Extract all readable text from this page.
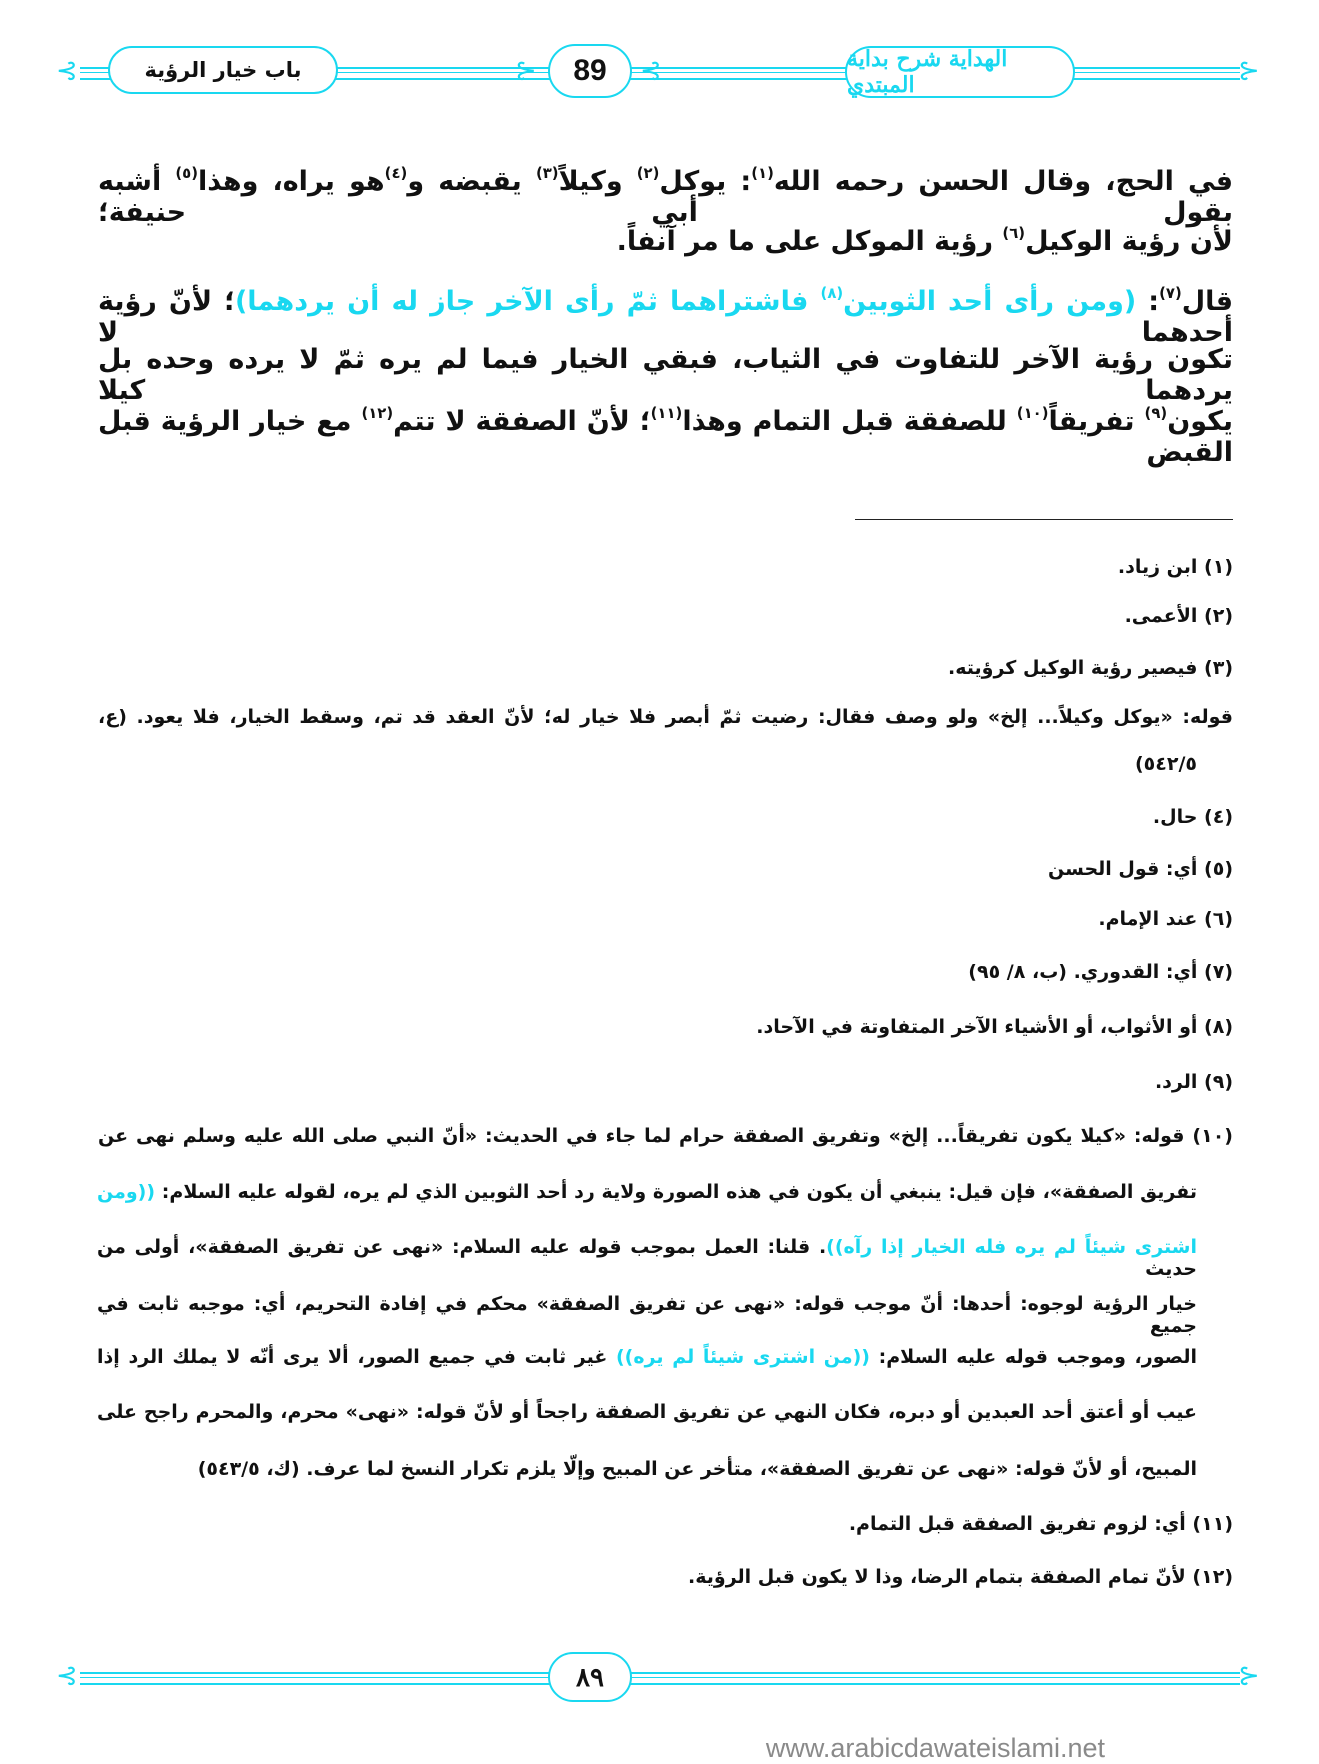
⊰	⊱
باب خيار الرؤية	⊱ 89 ⊰	الهداية شرح بداية المبتدي
في الحج، وقال الحسن رحمه الله( $^١$ ): يوكل( $^٢$ ) وكيلاً( $^٣$ ) يقبضه و( $^٤$ )هو يراه، وهذا( $^٥$ ) أشبه بقول أبي حنيفة؛
لأن رؤية الوكيل( $^٦$ ) رؤية الموكل على ما مر آنفاً.
قال( $^٧$ ): (ومن رأى أحد الثوبين( $^٨$ ) فاشتراهما ثمّ رأى الآخر جاز له أن يردهما)؛ لأنّ رؤية أحدهما لا
تكون رؤية الآخر للتفاوت في الثياب، فبقي الخيار فيما لم يره ثمّ لا يرده وحده بل يردهما كيلا
يكون( $^٩$ ) تفريقاً( $^{١٠}$ ) للصفقة قبل التمام وهذا( $^{١١}$ )؛ لأنّ الصفقة لا تتم( $^{١٢}$ ) مع خيار الرؤية قبل القبض
(١) ابن زياد.
(٢) الأعمى.
(٣) فيصير رؤية الوكيل كرؤيته.
قوله: «يوكل وكيلاً... إلخ» ولو وصف فقال: رضيت ثمّ أبصر فلا خيار له؛ لأنّ العقد قد تم، وسقط الخيار، فلا يعود. (ع،
٥٤٢/٥)
(٤) حال.
(٥) أي: قول الحسن
(٦) عند الإمام.
(٧) أي: القدوري. (ب، ٨/ ٩٥)
(٨) أو الأثواب، أو الأشياء الآخر المتفاوتة في الآحاد.
(٩) الرد.
(١٠) قوله: «كيلا يكون تفريقاً... إلخ» وتفريق الصفقة حرام لما جاء في الحديث: «أنّ النبي صلى الله عليه وسلم نهى عن
تفريق الصفقة»، فإن قيل: ينبغي أن يكون في هذه الصورة ولاية رد أحد الثوبين الذي لم يره، لقوله عليه السلام: ((ومن
اشترى شيئاً لم يره فله الخيار إذا رآه)). قلنا: العمل بموجب قوله عليه السلام: «نهى عن تفريق الصفقة»، أولى من حديث
خيار الرؤية لوجوه: أحدها: أنّ موجب قوله: «نهى عن تفريق الصفقة» محكم في إفادة التحريم، أي: موجبه ثابت في جميع
الصور، وموجب قوله عليه السلام: ((من اشترى شيئاً لم يره)) غير ثابت في جميع الصور، ألا يرى أنّه لا يملك الرد إذا
عيب أو أعتق أحد العبدين أو دبره، فكان النهي عن تفريق الصفقة راجحاً أو لأنّ قوله: «نهى» محرم، والمحرم راجح على
المبيح، أو لأنّ قوله: «نهى عن تفريق الصفقة»، متأخر عن المبيح وإلّا يلزم تكرار النسخ لما عرف. (ك، ٥٤٣/٥)
(١١) أي: لزوم تفريق الصفقة قبل التمام.
(١٢) لأنّ تمام الصفقة بتمام الرضا، وذا لا يكون قبل الرؤية.
⊰	⊱
٨٩
www.arabicdawateislami.net
